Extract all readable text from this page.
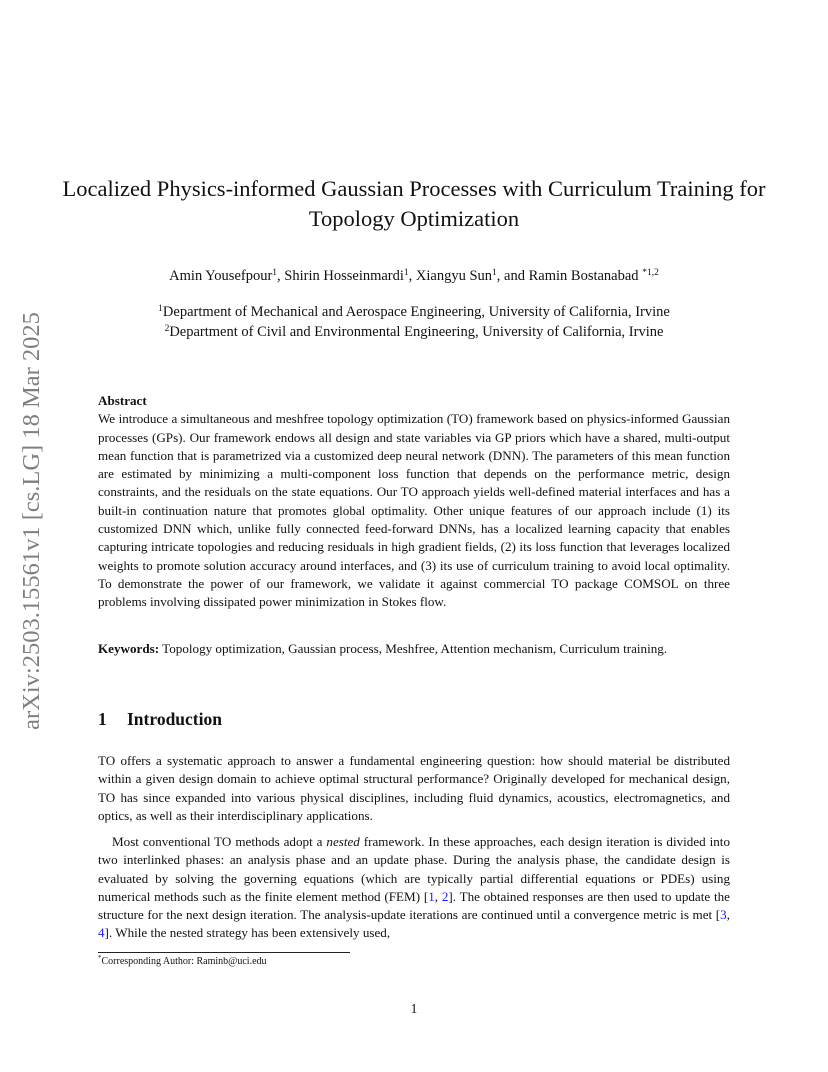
arXiv:2503.15561v1 [cs.LG] 18 Mar 2025
Localized Physics-informed Gaussian Processes with Curriculum Training for Topology Optimization
Amin Yousefpour$^1$, Shirin Hosseinmardi$^1$, Xiangyu Sun$^1$, and Ramin Bostanabad $^{*1,2}$
$^1$Department of Mechanical and Aerospace Engineering, University of California, Irvine
$^2$Department of Civil and Environmental Engineering, University of California, Irvine
Abstract
We introduce a simultaneous and meshfree topology optimization (TO) framework based on physics-informed Gaussian processes (GPs). Our framework endows all design and state variables via GP priors which have a shared, multi-output mean function that is parametrized via a customized deep neural network (DNN). The parameters of this mean function are estimated by minimizing a multi-component loss function that depends on the performance metric, design constraints, and the residuals on the state equations. Our TO approach yields well-defined material interfaces and has a built-in continuation nature that promotes global optimality. Other unique features of our approach include (1) its customized DNN which, unlike fully connected feed-forward DNNs, has a localized learning capacity that enables capturing intricate topologies and reducing residuals in high gradient fields, (2) its loss function that leverages localized weights to promote solution accuracy around interfaces, and (3) its use of curriculum training to avoid local optimality. To demonstrate the power of our framework, we validate it against commercial TO package COMSOL on three problems involving dissipated power minimization in Stokes flow.
Keywords: Topology optimization, Gaussian process, Meshfree, Attention mechanism, Curriculum training.
1 Introduction

TO offers a systematic approach to answer a fundamental engineering question: how should material be distributed within a given design domain to achieve optimal structural performance? Originally developed for mechanical design, TO has since expanded into various physical disciplines, including fluid dynamics, acoustics, electromagnetics, and optics, as well as their interdisciplinary applications.

Most conventional TO methods adopt a nested framework. In these approaches, each design iteration is divided into two interlinked phases: an analysis phase and an update phase. During the analysis phase, the candidate design is evaluated by solving the governing equations (which are typically partial differential equations or PDEs) using numerical methods such as the finite element method (FEM) [1, 2]. The obtained responses are then used to update the structure for the next design iteration. The analysis-update iterations are continued until a convergence metric is met [3, 4]. While the nested strategy has been extensively used,

*Corresponding Author: Raminb@uci.edu
1
